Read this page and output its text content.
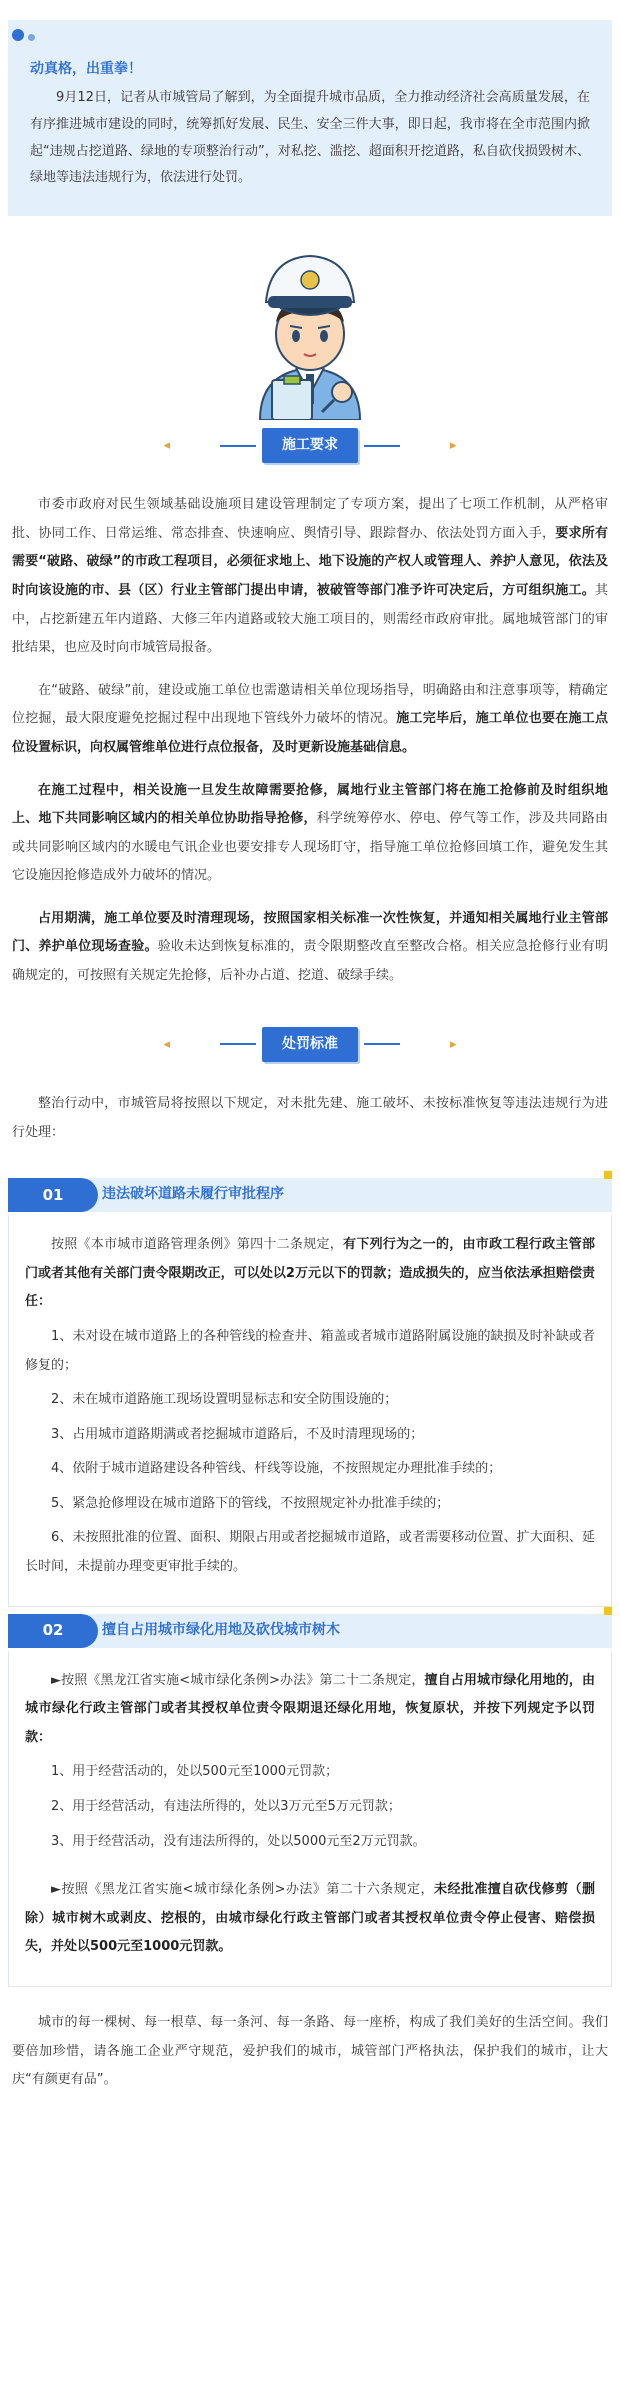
动真格，出重拳！

9月12日，记者从市城管局了解到，为全面提升城市品质，全力推动经济社会高质量发展，在有序推进城市建设的同时，统筹抓好发展、民生、安全三件大事，即日起，我市将在全市范围内掀起“违规占挖道路、绿地的专项整治行动”，对私挖、滥挖、超面积开挖道路，私自砍伐损毁树木、绿地等违法违规行为，依法进行处罚。

◂	施工要求	▸

市委市政府对民生领域基础设施项目建设管理制定了专项方案，提出了七项工作机制，从严格审批、协同工作、日常运维、常态排查、快速响应、舆情引导、跟踪督办、依法处罚方面入手，要求所有需要“破路、破绿”的市政工程项目，必须征求地上、地下设施的产权人或管理人、养护人意见，依法及时向该设施的市、县（区）行业主管部门提出申请，被破管等部门准予许可决定后，方可组织施工。其中，占挖新建五年内道路、大修三年内道路或较大施工项目的，则需经市政府审批。属地城管部门的审批结果，也应及时向市城管局报备。

在“破路、破绿”前，建设或施工单位也需邀请相关单位现场指导，明确路由和注意事项等，精确定位挖掘，最大限度避免挖掘过程中出现地下管线外力破坏的情况。施工完毕后，施工单位也要在施工点位设置标识，向权属管维单位进行点位报备，及时更新设施基础信息。

在施工过程中，相关设施一旦发生故障需要抢修，属地行业主管部门将在施工抢修前及时组织地上、地下共同影响区域内的相关单位协助指导抢修，科学统筹停水、停电、停气等工作，涉及共同路由或共同影响区域内的水暖电气讯企业也要安排专人现场盯守，指导施工单位抢修回填工作，避免发生其它设施因抢修造成外力破坏的情况。

占用期满，施工单位要及时清理现场，按照国家相关标准一次性恢复，并通知相关属地行业主管部门、养护单位现场查验。验收未达到恢复标准的，责令限期整改直至整改合格。相关应急抢修行业有明确规定的，可按照有关规定先抢修，后补办占道、挖道、破绿手续。

◂	处罚标准	▸

整治行动中，市城管局将按照以下规定，对未批先建、施工破坏、未按标准恢复等违法违规行为进行处理：

01	违法破坏道路未履行审批程序

按照《本市城市道路管理条例》第四十二条规定，有下列行为之一的，由市政工程行政主管部门或者其他有关部门责令限期改正，可以处以2万元以下的罚款；造成损失的，应当依法承担赔偿责任：

1、未对设在城市道路上的各种管线的检查井、箱盖或者城市道路附属设施的缺损及时补缺或者修复的；

2、未在城市道路施工现场设置明显标志和安全防围设施的；

3、占用城市道路期满或者挖掘城市道路后，不及时清理现场的；

4、依附于城市道路建设各种管线、杆线等设施，不按照规定办理批准手续的；

5、紧急抢修埋设在城市道路下的管线，不按照规定补办批准手续的；

6、未按照批准的位置、面积、期限占用或者挖掘城市道路，或者需要移动位置、扩大面积、延长时间，未提前办理变更审批手续的。

02	擅自占用城市绿化用地及砍伐城市树木

►按照《黑龙江省实施<城市绿化条例>办法》第二十二条规定，擅自占用城市绿化用地的，由城市绿化行政主管部门或者其授权单位责令限期退还绿化用地，恢复原状，并按下列规定予以罚款：

1、用于经营活动的，处以500元至1000元罚款；

2、用于经营活动，有违法所得的，处以3万元至5万元罚款；

3、用于经营活动，没有违法所得的，处以5000元至2万元罚款。

►按照《黑龙江省实施<城市绿化条例>办法》第二十六条规定，未经批准擅自砍伐修剪（删除）城市树木或剥皮、挖根的，由城市绿化行政主管部门或者其授权单位责令停止侵害、赔偿损失，并处以500元至1000元罚款。

城市的每一棵树、每一根草、每一条河、每一条路、每一座桥，构成了我们美好的生活空间。我们要倍加珍惜，请各施工企业严守规范，爱护我们的城市，城管部门严格执法，保护我们的城市，让大庆“有颜更有品”。
